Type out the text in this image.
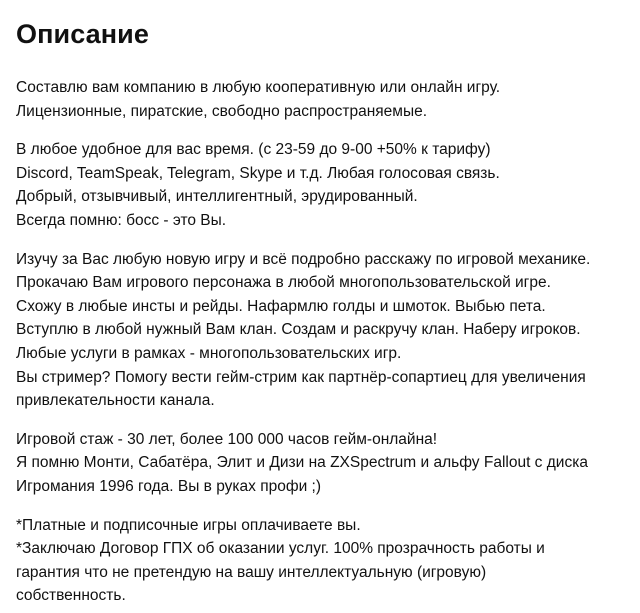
Описание
Составлю вам компанию в любую кооперативную или онлайн игру.
Лицензионные, пиратские, свободно распространяемые.
В любое удобное для вас время. (с 23-59 до 9-00 +50% к тарифу)
Discord, TeamSpeak, Telegram, Skype и т.д. Любая голосовая связь.
Добрый, отзывчивый, интеллигентный, эрудированный.
Всегда помню: босс - это Вы.
Изучу за Вас любую новую игру и всё подробно расскажу по игровой механике.
Прокачаю Вам игрового персонажа в любой многопользовательской игре.
Схожу в любые инсты и рейды. Нафармлю голды и шмоток. Выбью пета.
Вступлю в любой нужный Вам клан. Создам и раскручу клан. Наберу игроков.
Любые услуги в рамках - многопользовательских игр.
Вы стример? Помогу вести гейм-стрим как партнёр-сопартиец для увеличения
привлекательности канала.
Игровой стаж - 30 лет, более 100 000 часов гейм-онлайна!
Я помню Монти, Сабатёра, Элит и Дизи на ZXSpectrum и альфу Fallout с диска
Игромания 1996 года. Вы в руках профи ;)
*Платные и подписочные игры оплачиваете вы.
*Заключаю Договор ГПХ об оказании услуг. 100% прозрачность работы и
гарантия что не претендую на вашу интеллектуальную (игровую)
собственность.
